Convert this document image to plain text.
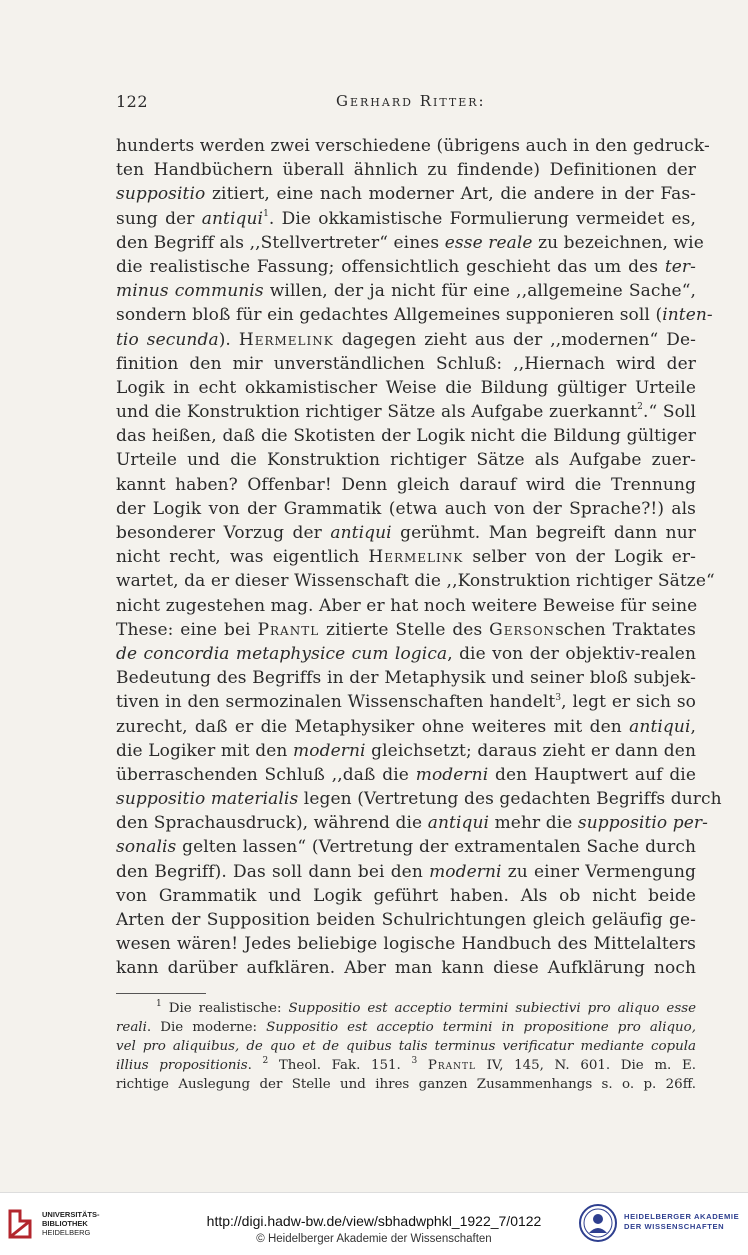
122	Gerhard Ritter:
hunderts werden zwei verschiedene (übrigens auch in den gedruck-
ten Handbüchern überall ähnlich zu findende) Definitionen der
suppositio zitiert, eine nach moderner Art, die andere in der Fas-
sung der antiqui$^1$. Die okkamistische Formulierung vermeidet es,
den Begriff als ,,Stellvertreter“ eines esse reale zu bezeichnen, wie
die realistische Fassung; offensichtlich geschieht das um des ter-
minus communis willen, der ja nicht für eine ,,allgemeine Sache“,
sondern bloß für ein gedachtes Allgemeines supponieren soll (inten-
tio secunda). Hermelink dagegen zieht aus der ,,modernen“ De-
finition den mir unverständlichen Schluß: ,,Hiernach wird der
Logik in echt okkamistischer Weise die Bildung gültiger Urteile
und die Konstruktion richtiger Sätze als Aufgabe zuerkannt$^2$.“ Soll
das heißen, daß die Skotisten der Logik nicht die Bildung gültiger
Urteile und die Konstruktion richtiger Sätze als Aufgabe zuer-
kannt haben? Offenbar! Denn gleich darauf wird die Trennung
der Logik von der Grammatik (etwa auch von der Sprache?!) als
besonderer Vorzug der antiqui gerühmt. Man begreift dann nur
nicht recht, was eigentlich Hermelink selber von der Logik er-
wartet, da er dieser Wissenschaft die ,,Konstruktion richtiger Sätze“
nicht zugestehen mag. Aber er hat noch weitere Beweise für seine
These: eine bei Prantl zitierte Stelle des Gersonschen Traktates
de concordia metaphysice cum logica, die von der objektiv-realen
Bedeutung des Begriffs in der Metaphysik und seiner bloß subjek-
tiven in den sermozinalen Wissenschaften handelt$^3$, legt er sich so
zurecht, daß er die Metaphysiker ohne weiteres mit den antiqui,
die Logiker mit den moderni gleichsetzt; daraus zieht er dann den
überraschenden Schluß ,,daß die moderni den Hauptwert auf die
suppositio materialis legen (Vertretung des gedachten Begriffs durch
den Sprachausdruck), während die antiqui mehr die suppositio per-
sonalis gelten lassen“ (Vertretung der extramentalen Sache durch
den Begriff). Das soll dann bei den moderni zu einer Vermengung
von Grammatik und Logik geführt haben. Als ob nicht beide
Arten der Supposition beiden Schulrichtungen gleich geläufig ge-
wesen wären! Jedes beliebige logische Handbuch des Mittelalters
kann darüber aufklären. Aber man kann diese Aufklärung noch
$^1$ Die realistische: Suppositio est acceptio termini subiectivi pro aliquo esse
reali. Die moderne: Suppositio est acceptio termini in propositione pro aliquo,
vel pro aliquibus, de quo et de quibus talis terminus verificatur mediante copula
illius propositionis. $^2$ Theol. Fak. 151. $^3$ Prantl IV, 145, N. 601. Die m. E.
richtige Auslegung der Stelle und ihres ganzen Zusammenhangs s. o. p. 26ff.
UNIVERSITÄTS-
BIBLIOTHEK
HEIDELBERG
http://digi.hadw-bw.de/view/sbhadwphkl_1922_7/0122
© Heidelberger Akademie der Wissenschaften
HEIDELBERGER AKADEMIE
DER WISSENSCHAFTEN
